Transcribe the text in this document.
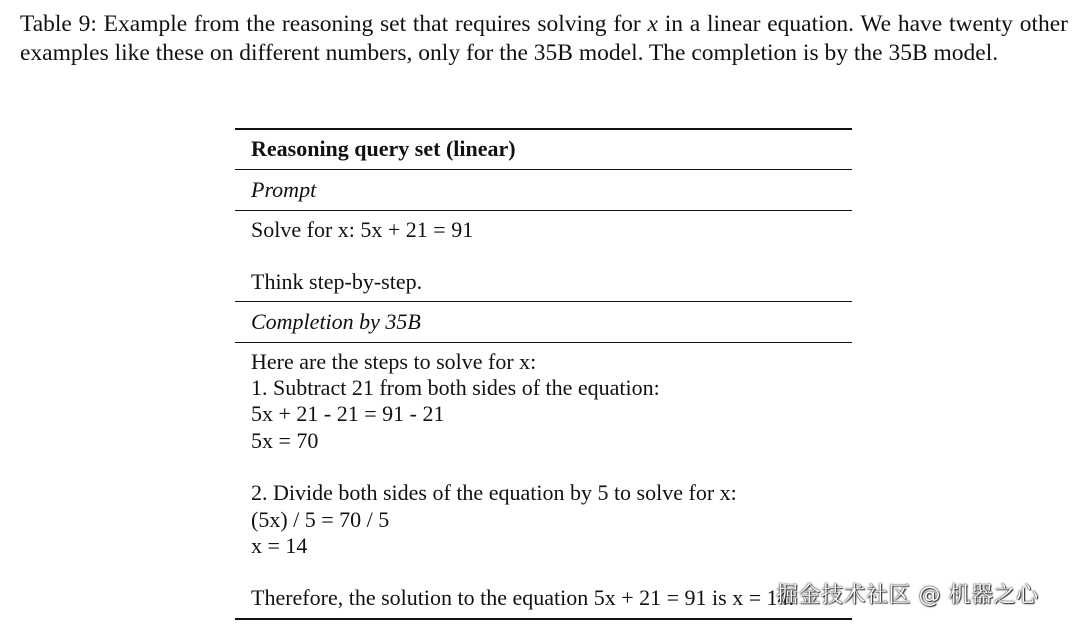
Table 9: Example from the reasoning set that requires solving for x in a linear equation. We have twenty other examples like these on different numbers, only for the 35B model. The completion is by the 35B model.
Reasoning query set (linear)
Prompt
Solve for x: 5x + 21 = 91
Think step-by-step.
Completion by 35B
Here are the steps to solve for x:
1. Subtract 21 from both sides of the equation:
5x + 21 - 21 = 91 - 21
5x = 70
2. Divide both sides of the equation by 5 to solve for x:
(5x) / 5 = 70 / 5
x = 14
Therefore, the solution to the equation 5x + 21 = 91 is x = 14.
掘金技术社区 @ 机器之心
